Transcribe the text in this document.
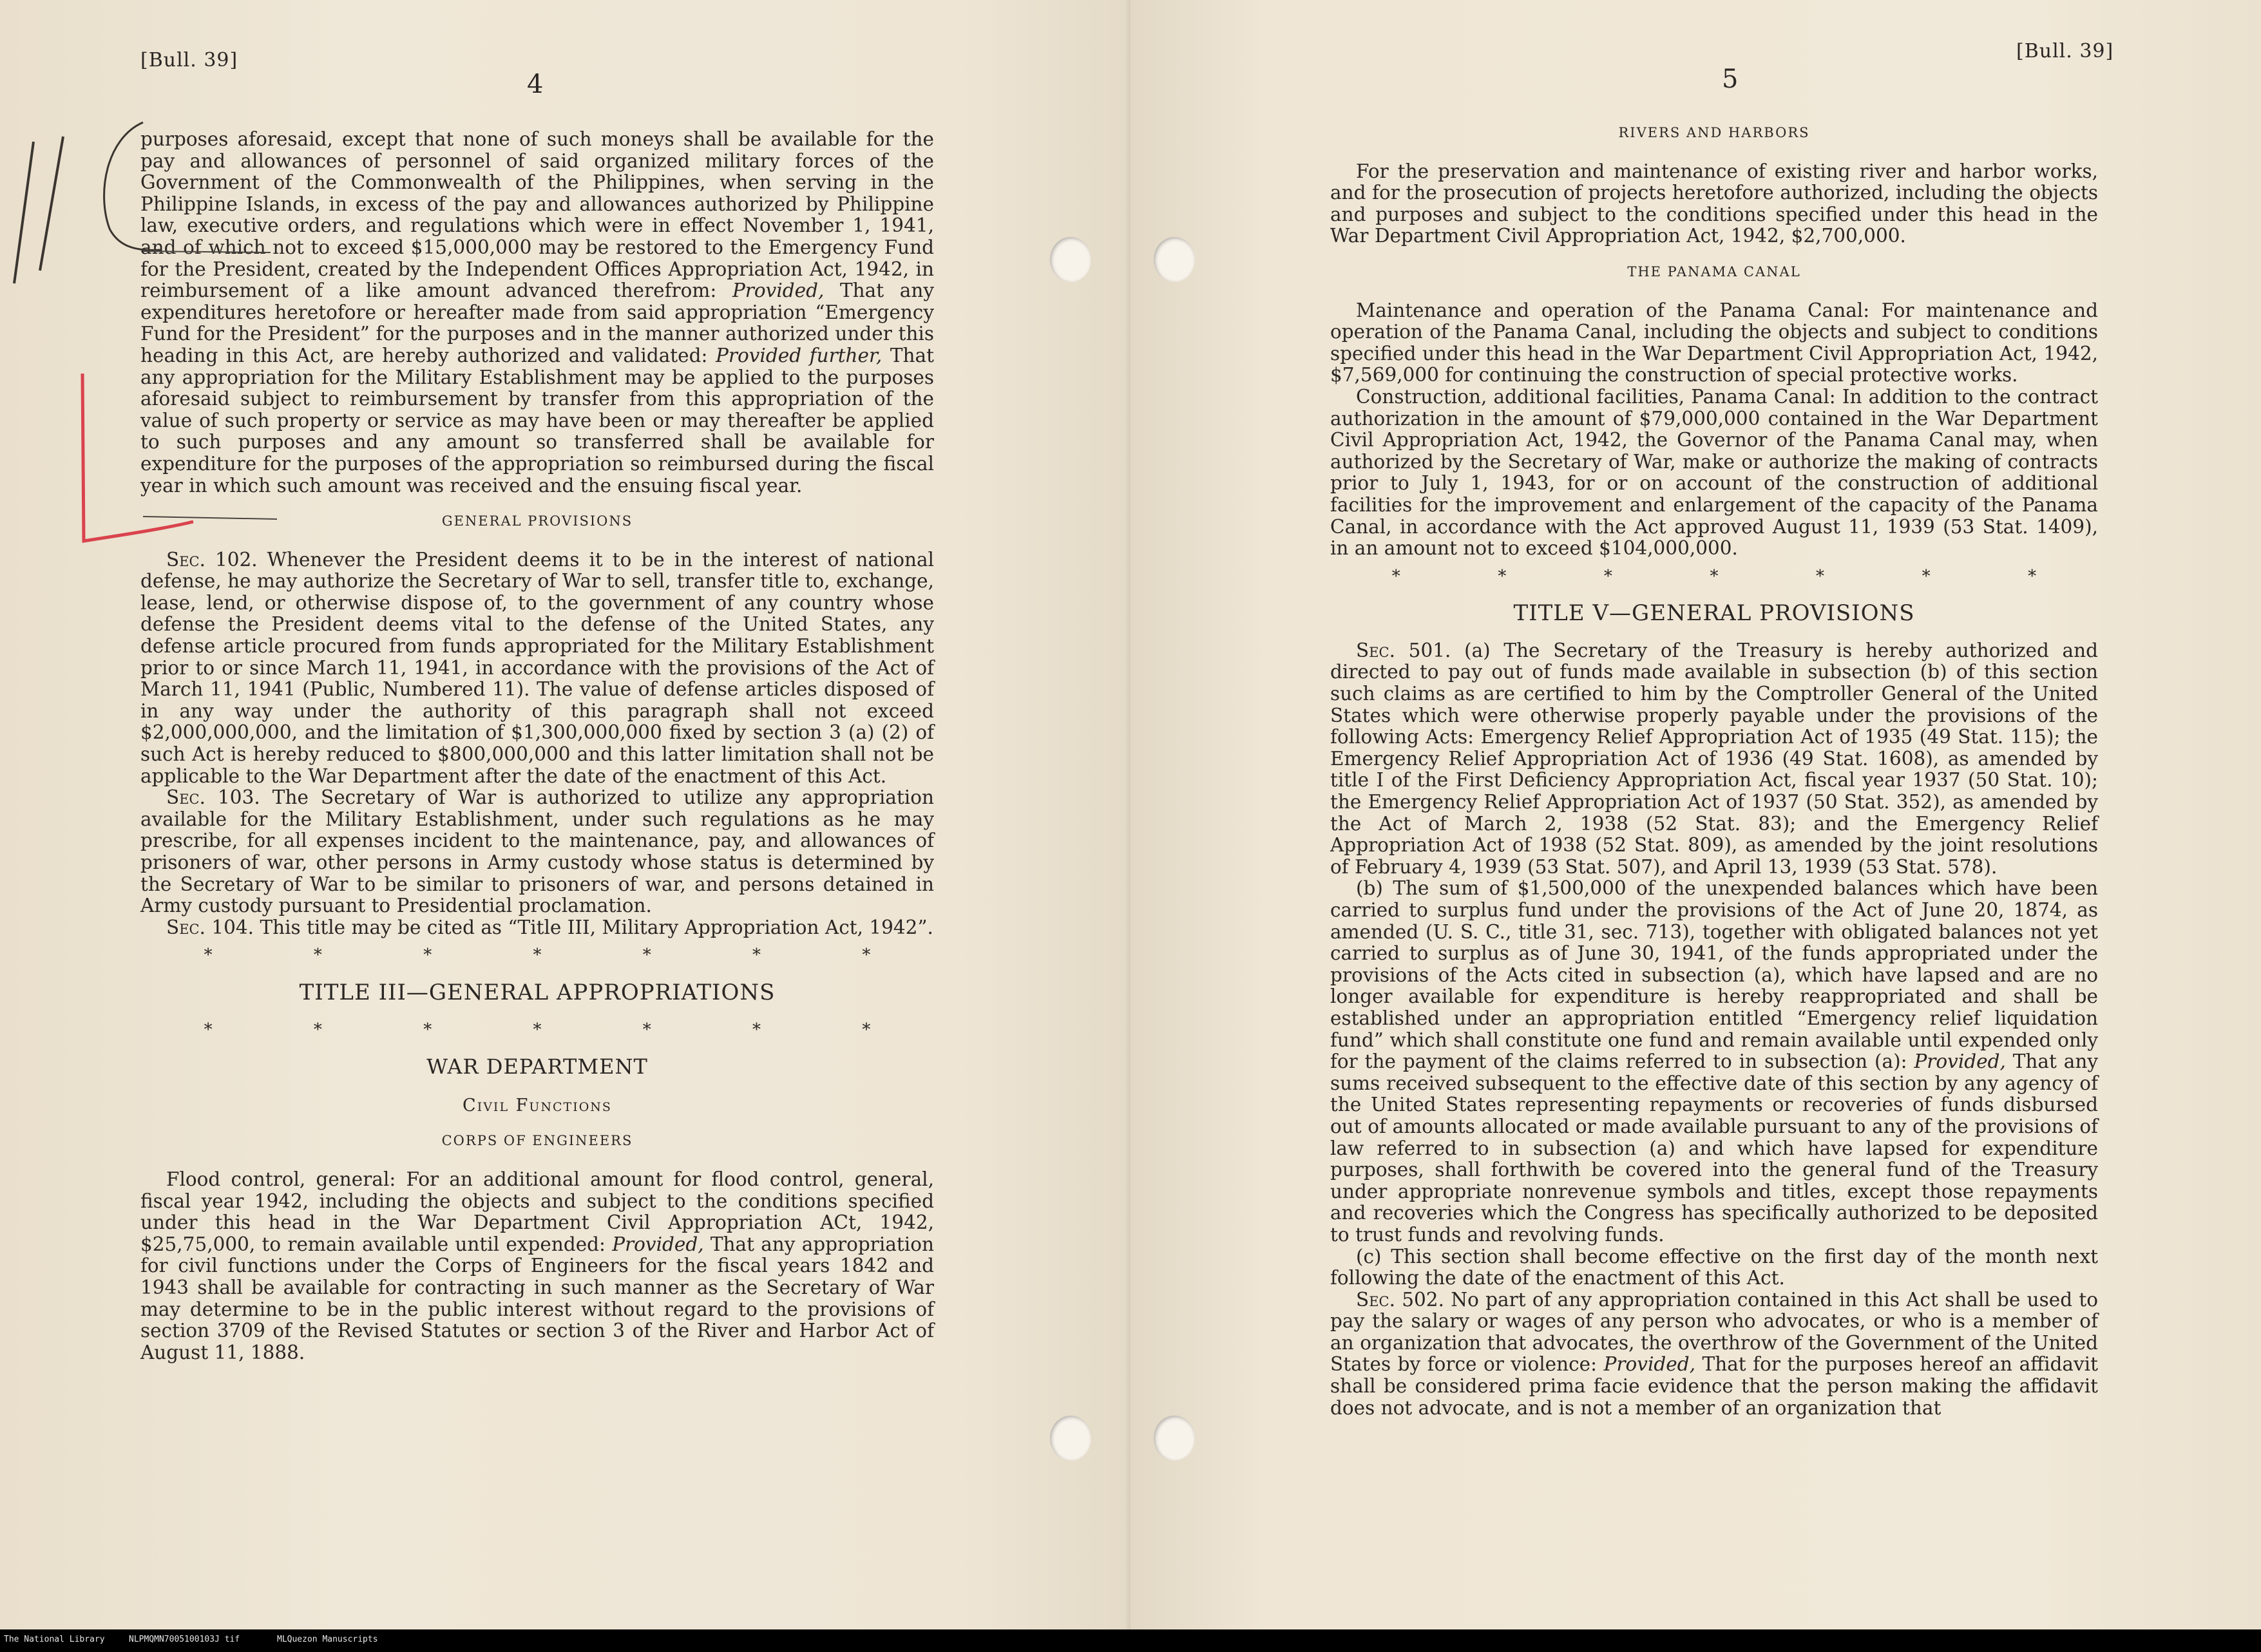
[Bull. 39]
4

purposes aforesaid, except that none of such moneys shall be available for the pay and allowances of personnel of said organized military forces of the Government of the Commonwealth of the Philippines, when serving in the Philippine Islands, in excess of the pay and allowances authorized by Philippine law, executive orders, and regulations which were in effect November 1, 1941, and of which not to exceed $15,000,000 may be restored to the Emergency Fund for the President, created by the Independent Offices Appropriation Act, 1942, in reimbursement of a like amount advanced therefrom: Provided, That any expenditures heretofore or hereafter made from said appropriation “Emergency Fund for the President” for the purposes and in the manner authorized under this heading in this Act, are hereby authorized and validated: Provided further, That any appropriation for the Military Establishment may be applied to the purposes aforesaid subject to reimbursement by transfer from this appropriation of the value of such property or service as may have been or may thereafter be applied to such purposes and any amount so transferred shall be available for expenditure for the purposes of the appropriation so reimbursed during the fiscal year in which such amount was received and the ensuing fiscal year.

GENERAL PROVISIONS

Sec. 102. Whenever the President deems it to be in the interest of national defense, he may authorize the Secretary of War to sell, transfer title to, exchange, lease, lend, or otherwise dispose of, to the government of any country whose defense the President deems vital to the defense of the United States, any defense article procured from funds appropriated for the Military Establishment prior to or since March 11, 1941, in accordance with the provisions of the Act of March 11, 1941 (Public, Numbered 11). The value of defense articles disposed of in any way under the authority of this paragraph shall not exceed $2,000,000,000, and the limitation of $1,300,000,000 fixed by section 3 (a) (2) of such Act is hereby reduced to $800,000,000 and this latter limitation shall not be applicable to the War Department after the date of the enactment of this Act.

Sec. 103. The Secretary of War is authorized to utilize any appropriation available for the Military Establishment, under such regulations as he may prescribe, for all expenses incident to the maintenance, pay, and allowances of prisoners of war, other persons in Army custody whose status is determined by the Secretary of War to be similar to prisoners of war, and persons detained in Army custody pursuant to Presidential proclamation.

Sec. 104. This title may be cited as “Title III, Military Appropriation Act, 1942”.

*	*	*	*	*	*	*
TITLE III—GENERAL APPROPRIATIONS
*	*	*	*	*	*	*
WAR DEPARTMENT
Civil Functions
CORPS OF ENGINEERS

Flood control, general: For an additional amount for flood control, general, fiscal year 1942, including the objects and subject to the conditions specified under this head in the War Department Civil Appropriation ACt, 1942, $25,75,000, to remain available until expended: Provided, That any appropriation for civil functions under the Corps of Engineers for the fiscal years 1842 and 1943 shall be available for contracting in such manner as the Secretary of War may determine to be in the public interest without regard to the provisions of section 3709 of the Revised Statutes or section 3 of the River and Harbor Act of August 11, 1888.

[Bull. 39]
5
RIVERS AND HARBORS

For the preservation and maintenance of existing river and harbor works, and for the prosecution of projects heretofore authorized, including the objects and purposes and subject to the conditions specified under this head in the War Department Civil Appropriation Act, 1942, $2,700,000.

THE PANAMA CANAL

Maintenance and operation of the Panama Canal: For maintenance and operation of the Panama Canal, including the objects and subject to conditions specified under this head in the War Department Civil Appropriation Act, 1942, $7,569,000 for continuing the construction of special protective works.

Construction, additional facilities, Panama Canal: In addition to the contract authorization in the amount of $79,000,000 contained in the War Department Civil Appropriation Act, 1942, the Governor of the Panama Canal may, when authorized by the Secretary of War, make or authorize the making of contracts prior to July 1, 1943, for or on account of the construction of additional facilities for the improvement and enlargement of the capacity of the Panama Canal, in accordance with the Act approved August 11, 1939 (53 Stat. 1409), in an amount not to exceed $104,000,000.

*	*	*	*	*	*	*
TITLE V—GENERAL PROVISIONS

Sec. 501. (a) The Secretary of the Treasury is hereby authorized and directed to pay out of funds made available in subsection (b) of this section such claims as are certified to him by the Comptroller General of the United States which were otherwise properly payable under the provisions of the following Acts: Emergency Relief Appropriation Act of 1935 (49 Stat. 115); the Emergency Relief Appropriation Act of 1936 (49 Stat. 1608), as amended by title I of the First Deficiency Appropriation Act, fiscal year 1937 (50 Stat. 10); the Emergency Relief Appropriation Act of 1937 (50 Stat. 352), as amended by the Act of March 2, 1938 (52 Stat. 83); and the Emergency Relief Appropriation Act of 1938 (52 Stat. 809), as amended by the joint resolutions of February 4, 1939 (53 Stat. 507), and April 13, 1939 (53 Stat. 578).

(b) The sum of $1,500,000 of the unexpended balances which have been carried to surplus fund under the provisions of the Act of June 20, 1874, as amended (U. S. C., title 31, sec. 713), together with obligated balances not yet carried to surplus as of June 30, 1941, of the funds appropriated under the provisions of the Acts cited in subsection (a), which have lapsed and are no longer available for expenditure is hereby reappropriated and shall be established under an appropriation entitled “Emergency relief liquidation fund” which shall constitute one fund and remain available until expended only for the payment of the claims referred to in subsection (a): Provided, That any sums received subsequent to the effective date of this section by any agency of the United States representing repayments or recoveries of funds disbursed out of amounts allocated or made available pursuant to any of the provisions of law referred to in subsection (a) and which have lapsed for expenditure purposes, shall forthwith be covered into the general fund of the Treasury under appropriate nonrevenue symbols and titles, except those repayments and recoveries which the Congress has specifically authorized to be deposited to trust funds and revolving funds.

(c) This section shall become effective on the first day of the month next following the date of the enactment of this Act.

Sec. 502. No part of any appropriation contained in this Act shall be used to pay the salary or wages of any person who advocates, or who is a member of an organization that advocates, the overthrow of the Government of the United States by force or violence: Provided, That for the purposes hereof an affidavit shall be considered prima facie evidence that the person making the affidavit does not advocate, and is not a member of an organization that

The National Library	NLPMQMN7005100103J tif	MLQuezon Manuscripts
